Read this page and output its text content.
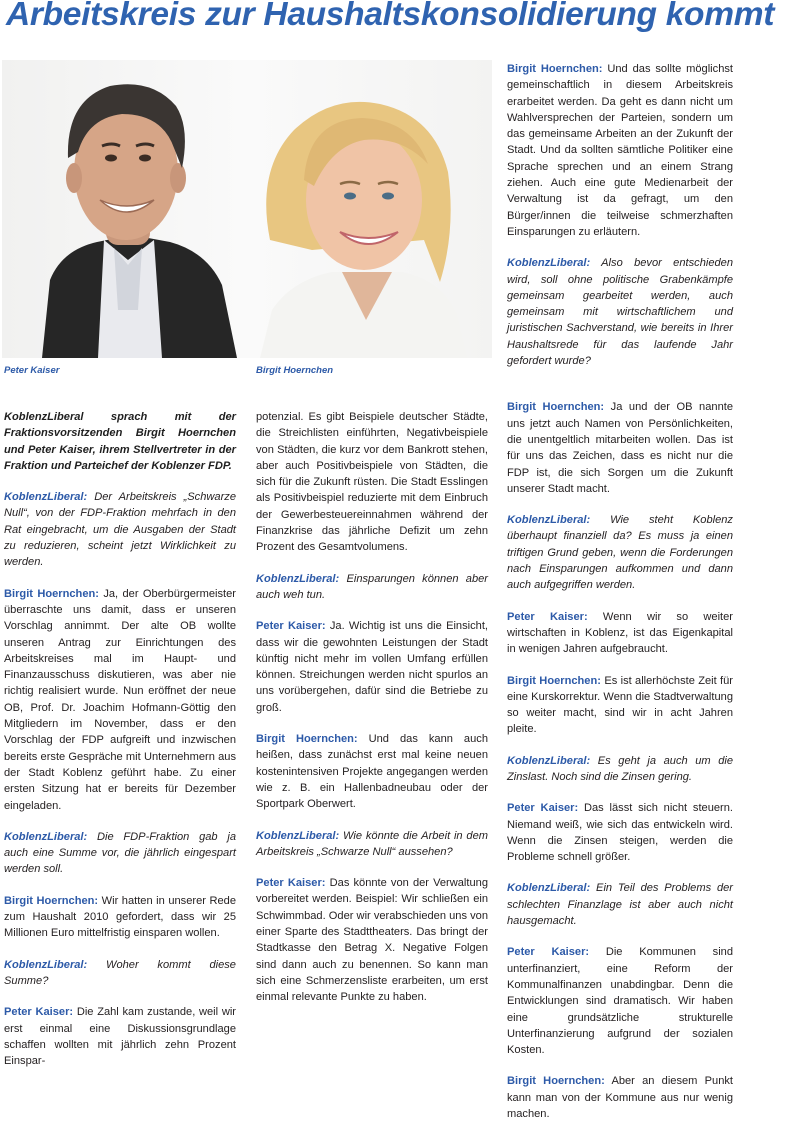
Arbeitskreis zur Haushaltskonsolidierung kommt
Peter Kaiser	Birgit Hoernchen

KoblenzLiberal sprach mit der Fraktionsvorsitzenden Birgit Hoernchen und Peter Kaiser, ihrem Stellvertreter in der Fraktion und Parteichef der Koblenzer FDP.

KoblenzLiberal: Der Arbeitskreis „Schwarze Null“, von der FDP-Fraktion mehrfach in den Rat eingebracht, um die Ausgaben der Stadt zu reduzieren, scheint jetzt Wirklichkeit zu werden.

Birgit Hoernchen: Ja, der Oberbürgermeister überraschte uns damit, dass er unseren Vorschlag annimmt. Der alte OB wollte unseren Antrag zur Einrichtungen des Arbeitskreises mal im Haupt- und Finanzausschuss diskutieren, was aber nie richtig realisiert wurde. Nun eröffnet der neue OB, Prof. Dr. Joachim Hofmann-Göttig den Mitgliedern im November, dass er den Vorschlag der FDP aufgreift und inzwischen bereits erste Gespräche mit Unternehmern aus der Stadt Koblenz geführt habe. Zu einer ersten Sitzung hat er bereits für Dezember eingeladen.

KoblenzLiberal: Die FDP-Fraktion gab ja auch eine Summe vor, die jährlich eingespart werden soll.

Birgit Hoernchen: Wir hatten in unserer Rede zum Haushalt 2010 gefordert, dass wir 25 Millionen Euro mittelfristig einsparen wollen.

KoblenzLiberal: Woher kommt diese Summe?

Peter Kaiser: Die Zahl kam zustande, weil wir erst einmal eine Diskussionsgrundlage schaffen wollten mit jährlich zehn Prozent Einspar-

potenzial. Es gibt Beispiele deutscher Städte, die Streichlisten einführten, Negativbeispiele von Städten, die kurz vor dem Bankrott stehen, aber auch Positivbeispiele von Städten, die sich für die Zukunft rüsten. Die Stadt Esslingen als Positivbeispiel reduzierte mit dem Einbruch der Gewerbesteuereinnahmen während der Finanzkrise das jährliche Defizit um zehn Prozent des Gesamtvolumens.

KoblenzLiberal: Einsparungen können aber auch weh tun.

Peter Kaiser: Ja. Wichtig ist uns die Einsicht, dass wir die gewohnten Leistungen der Stadt künftig nicht mehr im vollen Umfang erfüllen können. Streichungen werden nicht spurlos an uns vorübergehen, dafür sind die Betriebe zu groß.

Birgit Hoernchen: Und das kann auch heißen, dass zunächst erst mal keine neuen kostenintensiven Projekte angegangen werden wie z. B. ein Hallenbadneubau oder der Sportpark Oberwert.

KoblenzLiberal: Wie könnte die Arbeit in dem Arbeitskreis „Schwarze Null“ aussehen?

Peter Kaiser: Das könnte von der Verwaltung vorbereitet werden. Beispiel: Wir schließen ein Schwimmbad. Oder wir verabschieden uns von einer Sparte des Stadttheaters. Das bringt der Stadtkasse den Betrag X. Negative Folgen sind dann auch zu benennen. So kann man sich eine Schmerzensliste erarbeiten, um erst einmal relevante Punkte zu haben.

Birgit Hoernchen: Und das sollte möglichst gemeinschaftlich in diesem Arbeitskreis erarbeitet werden. Da geht es dann nicht um Wahlversprechen der Parteien, sondern um das gemeinsame Arbeiten an der Zukunft der Stadt. Und da sollten sämtliche Politiker eine Sprache sprechen und an einem Strang ziehen. Auch eine gute Medienarbeit der Verwaltung ist da gefragt, um den Bürger/innen die teilweise schmerzhaften Einsparungen zu erläutern.

KoblenzLiberal: Also bevor entschieden wird, soll ohne politische Grabenkämpfe gemeinsam gearbeitet werden, auch gemeinsam mit wirtschaftlichem und juristischen Sachverstand, wie bereits in Ihrer Haushaltsrede für das laufende Jahr gefordert wurde?

Birgit Hoernchen: Ja und der OB nannte uns jetzt auch Namen von Persönlichkeiten, die unentgeltlich mitarbeiten wollen. Das ist für uns das Zeichen, dass es nicht nur die FDP ist, die sich Sorgen um die Zukunft unserer Stadt macht.

KoblenzLiberal: Wie steht Koblenz überhaupt finanziell da? Es muss ja einen triftigen Grund geben, wenn die Forderungen nach Einsparungen aufkommen und dann auch aufgegriffen werden.

Peter Kaiser: Wenn wir so weiter wirtschaften in Koblenz, ist das Eigenkapital in wenigen Jahren aufgebraucht.

Birgit Hoernchen: Es ist allerhöchste Zeit für eine Kurskorrektur. Wenn die Stadtverwaltung so weiter macht, sind wir in acht Jahren pleite.

KoblenzLiberal: Es geht ja auch um die Zinslast. Noch sind die Zinsen gering.

Peter Kaiser: Das lässt sich nicht steuern. Niemand weiß, wie sich das entwickeln wird. Wenn die Zinsen steigen, werden die Probleme schnell größer.

KoblenzLiberal: Ein Teil des Problems der schlechten Finanzlage ist aber auch nicht hausgemacht.

Peter Kaiser: Die Kommunen sind unterfinanziert, eine Reform der Kommunalfinanzen unabdingbar. Denn die Entwicklungen sind dramatisch. Wir haben eine grundsätzliche strukturelle Unterfinanzierung aufgrund der sozialen Kosten.

Birgit Hoernchen: Aber an diesem Punkt kann man von der Kommune aus nur wenig machen.
